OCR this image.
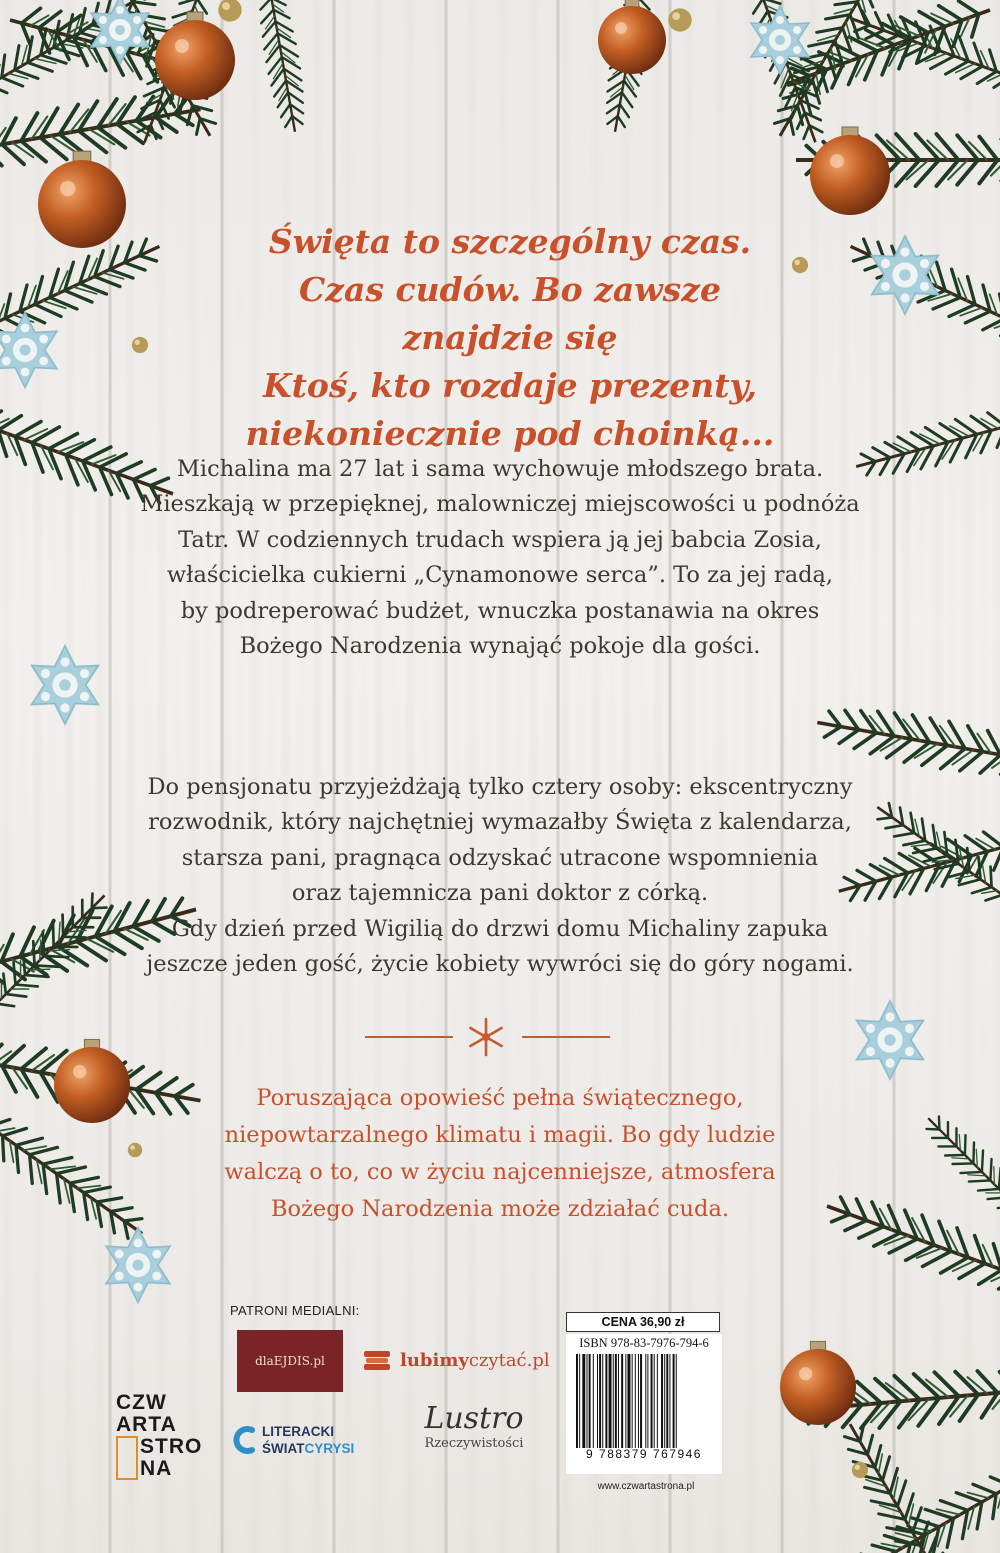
Święta to szczególny czas.
Czas cudów. Bo zawsze znajdzie się
Ktoś, kto rozdaje prezenty,
niekoniecznie pod choinką...

Michalina ma 27 lat i sama wychowuje młodszego brata.
Mieszkają w przepięknej, malowniczej miejscowości u podnóża
Tatr. W codziennych trudach wspiera ją jej babcia Zosia,
właścicielka cukierni „Cynamonowe serca”. To za jej radą,
by podreperować budżet, wnuczka postanawia na okres
Bożego Narodzenia wynająć pokoje dla gości.

Do pensjonatu przyjeżdżają tylko cztery osoby: ekscentryczny
rozwodnik, który najchętniej wymazałby Święta z kalendarza,
starsza pani, pragnąca odzyskać utracone wspomnienia
oraz tajemnicza pani doktor z córką.
Gdy dzień przed Wigilią do drzwi domu Michaliny zapuka
jeszcze jeden gość, życie kobiety wywróci się do góry nogami.

Poruszająca opowieść pełna świątecznego,
niepowtarzalnego klimatu i magii. Bo gdy ludzie
walczą o to, co w życiu najcenniejsze, atmosfera
Bożego Narodzenia może zdziałać cuda.

PATRONI MEDIALNI:
dlaEJDIS.pl	lubimyczytać.pl
LITERACKI
ŚWIATCYRYSI
Lustro
Rzeczywistości
CZW
ARTA
STRO
NA
CENA 36,90 zł
ISBN 978-83-7976-794-6
9 788379 767946
www.czwartastrona.pl
